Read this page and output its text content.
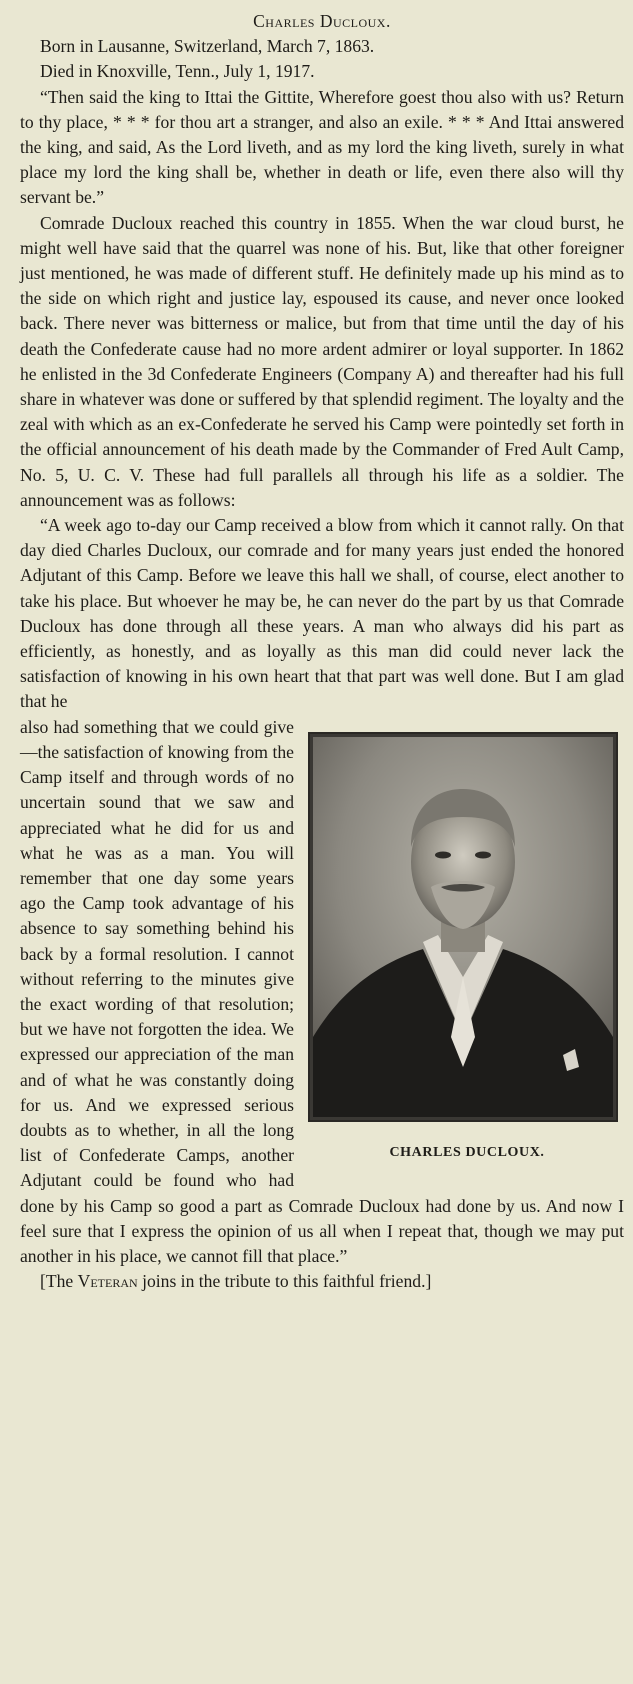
Charles Ducloux.

Born in Lausanne, Switzerland, March 7, 1863.

Died in Knoxville, Tenn., July 1, 1917.

“Then said the king to Ittai the Gittite, Wherefore goest thou also with us? Return to thy place, * * * for thou art a stranger, and also an exile. * * * And Ittai answered the king, and said, As the Lord liveth, and as my lord the king liveth, surely in what place my lord the king shall be, whether in death or life, even there also will thy servant be.”

Comrade Ducloux reached this country in 1855. When the war cloud burst, he might well have said that the quarrel was none of his. But, like that other foreigner just mentioned, he was made of different stuff. He definitely made up his mind as to the side on which right and justice lay, espoused its cause, and never once looked back. There never was bitterness or malice, but from that time until the day of his death the Confederate cause had no more ardent admirer or loyal supporter. In 1862 he enlisted in the 3d Confederate Engineers (Company A) and thereafter had his full share in whatever was done or suffered by that splendid regiment. The loyalty and the zeal with which as an ex-Confederate he served his Camp were pointedly set forth in the official announcement of his death made by the Commander of Fred Ault Camp, No. 5, U. C. V. These had full parallels all through his life as a soldier. The announcement was as follows:

“A week ago to-day our Camp received a blow from which it cannot rally. On that day died Charles Ducloux, our comrade and for many years just ended the honored Adjutant of this Camp. Before we leave this hall we shall, of course, elect another to take his place. But whoever he may be, he can never do the part by us that Comrade Ducloux has done through all these years. A man who always did his part as efficiently, as honestly, and as loyally as this man did could never lack the satisfaction of knowing in his own heart that that part was well done. But I am glad that he

CHARLES DUCLOUX.

also had something that we could give—the satisfaction of knowing from the Camp itself and through words of no uncertain sound that we saw and appreciated what he did for us and what he was as a man. You will remember that one day some years ago the Camp took advantage of his absence to say something behind his back by a formal resolution. I cannot without referring to the minutes give the exact wording of that resolution; but we have not forgotten the idea. We expressed our appreciation of the man and of what he was constantly doing for us. And we expressed serious doubts as to whether, in all the long list of Confederate Camps, another Adjutant could be found who had done by his Camp so good a part as Comrade Ducloux had done by us. And now I feel sure that I express the opinion of us all when I repeat that, though we may put another in his place, we cannot fill that place.”

[The Veteran joins in the tribute to this faithful friend.]
